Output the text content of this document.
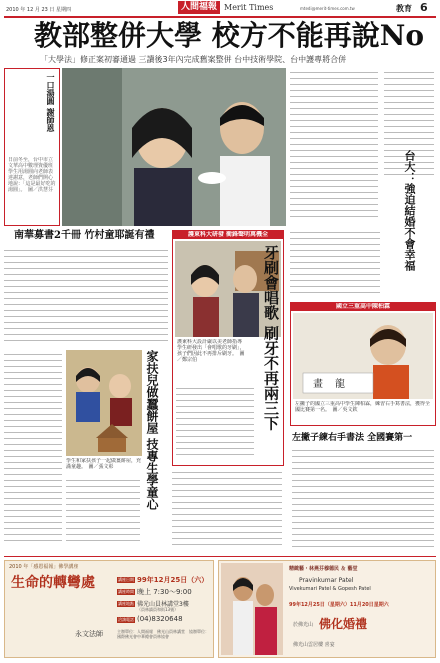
2010 年 12 月 23 日 星期四	人間福報 Merit Times	mtedi@merit-times.com.tw	教育 6
教部整併大學 校方不能再說No
「大學法」修正案初審通過 三讀後3年內完成舊案整併 台中技術學院、台中護專將合併
一口湯圓 謝師恩
日前冬至，台中市立文華高中數理資優班學生用湯圓向老師表達謝意，老師們開心地說：「這是最好吃的湯圓」。　圖／洪慧芬	台大：強迫結婚不會幸福
南華募書2千冊 竹村童耶誕有禮	護東科大研發 衝鋒聲明萬機全
護東科大設計嚴以美老師指導學生研發出「會唱歌的牙刷」，孩子們因此不再排斥刷牙。　圖／鄭宗伯	牙刷會唱歌 刷牙不再兩三下	國立三重高中陳柏霖
畫 龍
左撇子的國立三重高中學生陳柏霖，練習右手寫書法，獲得全國比賽第一名。　圖／吳文欽
左撇子練右手書法 全國賽第一
學生和家扶孩子一起做薑餅屋，充滿童趣。　圖／張文彰	家扶兒做蠶餅屋 技專生學童心
2010 年「感恩福報」佛學講座
生命的轉彎處
永文法師
講座日期 99年12月25日（六）
講座時間 晚上 7:30～9:00
講座地點 佛光山員林講堂3樓
（員林鎮員和街13號）
洽詢電話 (04)8320648
主辦單位：人間福報　佛光山員林講堂　協辦單位：國際佛光會中華總會員林協會
精緻藝・林燕芬穆德民 ＆ 藝堂
Pravinkumar Patel
Vivekumari Patel & Gopesh Patel
99年12月25日（星期六）11月20日星期六
於佛光山 佛化婚禮
佛光山雲居樓 喜宴
